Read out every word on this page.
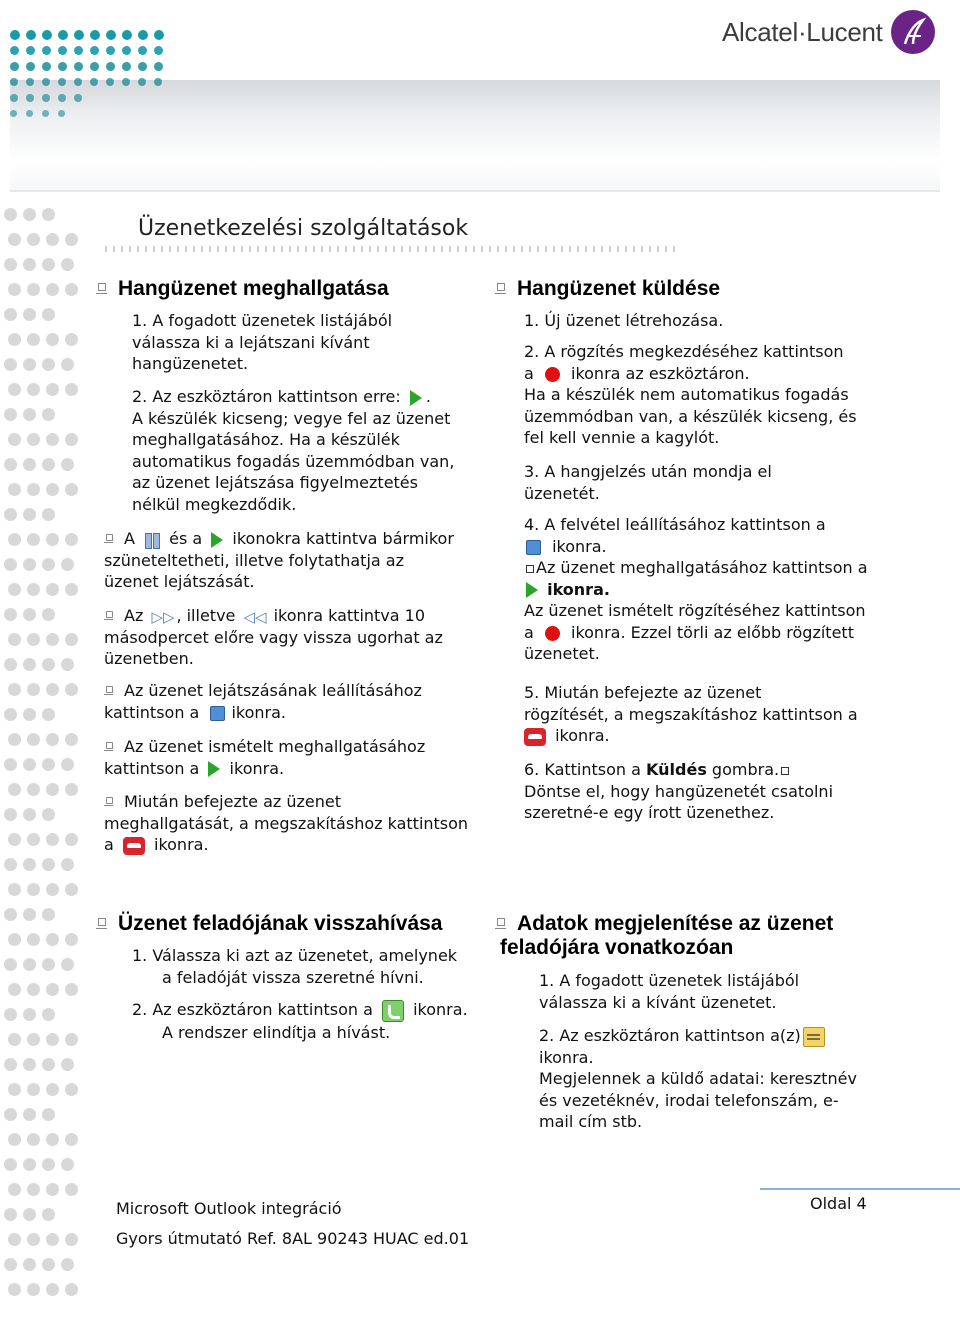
Alcatel·Lucent
Üzenetkezelési szolgáltatások
Hangüzenet meghallgatása
1. A fogadott üzenetek listájából
válassza ki a lejátszani kívánt
hangüzenetet.
2. Az eszköztáron kattintson erre: .
A készülék kicseng; vegye fel az üzenet
meghallgatásához. Ha a készülék
automatikus fogadás üzemmódban van,
az üzenet lejátszása figyelmeztetés
nélkül megkezdődik.
A és a ikonokra kattintva bármikor
szüneteltetheti, illetve folytathatja az
üzenet lejátszását.
Az ▷▷ , illetve ◁◁ ikonra kattintva 10
másodpercet előre vagy vissza ugorhat az
üzenetben.
Az üzenet lejátszásának leállításához
kattintson a ikonra.
Az üzenet ismételt meghallgatásához
kattintson a ikonra.
Miután befejezte az üzenet
meghallgatását, a megszakításhoz kattintson
a	ikonra.
Hangüzenet küldése
1. Új üzenet létrehozása.
2. A rögzítés megkezdéséhez kattintson
a ikonra az eszköztáron.
Ha a készülék nem automatikus fogadás
üzemmódban van, a készülék kicseng, és
fel kell vennie a kagylót.
3. A hangjelzés után mondja el
üzenetét.
4. A felvétel leállításához kattintson a
ikonra.
Az üzenet meghallgatásához kattintson a
ikonra.
Az üzenet ismételt rögzítéséhez kattintson
a ikonra. Ezzel törli az előbb rögzített
üzenetet.
5. Miután befejezte az üzenet
rögzítését, a megszakításhoz kattintson a
ikonra.
6. Kattintson a Küldés gombra.
Döntse el, hogy hangüzenetét csatolni
szeretné-e egy írott üzenethez.
Üzenet feladójának visszahívása
1. Válassza ki azt az üzenetet, amelynek
a feladóját vissza szeretné hívni.
2. Az eszköztáron kattintson a	ikonra.
A rendszer elindítja a hívást.
Adatok megjelenítése az üzenet
feladójára vonatkozóan
1. A fogadott üzenetek listájából
válassza ki a kívánt üzenetet.
2. Az eszköztáron kattintson a(z)
ikonra.
Megjelennek a küldő adatai: keresztnév
és vezetéknév, irodai telefonszám, e-
mail cím stb.
Microsoft Outlook integráció
Gyors útmutató Ref. 8AL 90243 HUAC ed.01
Oldal 4
